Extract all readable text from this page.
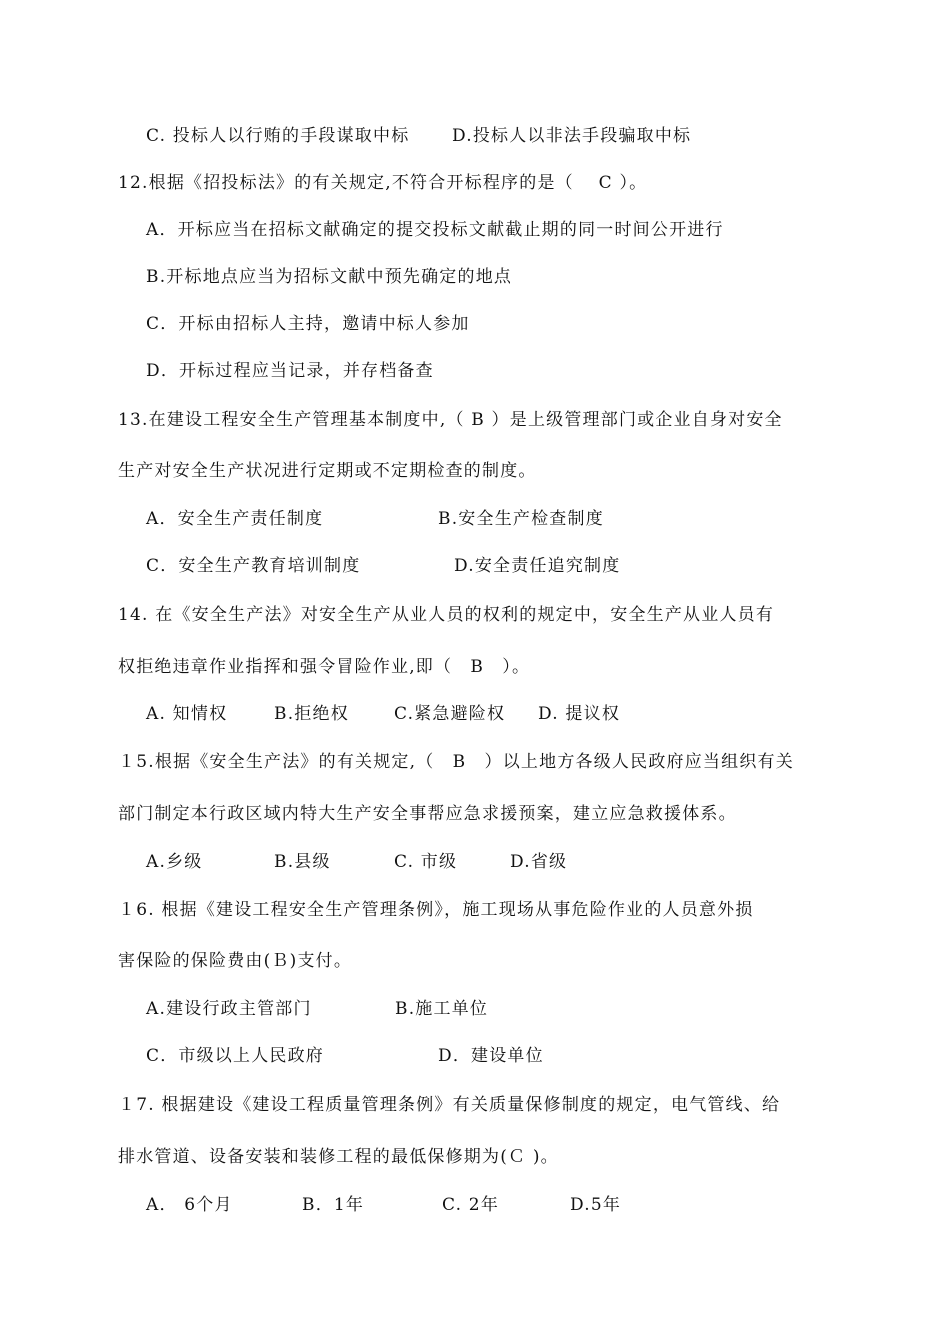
C. 投标人以行贿的手段谋取中标	D.投标人以非法手段骗取中标
12.根据《招投标法》的有关规定,不符合开标程序的是（　 C ）。
A．开标应当在招标文献确定的提交投标文献截止期的同一时间公开进行
B.开标地点应当为招标文献中预先确定的地点
C．开标由招标人主持，邀请中标人参加
D．开标过程应当记录，并存档备查
13.在建设工程安全生产管理基本制度中,（ B ）是上级管理部门或企业自身对安全
生产对安全生产状况进行定期或不定期检查的制度。
A．安全生产责任制度	B.安全生产检查制度
C．安全生产教育培训制度	D.安全责任追究制度
14. 在《安全生产法》对安全生产从业人员的权利的规定中，安全生产从业人员有
权拒绝违章作业指挥和强令冒险作业,即（　B　）。
A. 知情权	B.拒绝权	C.紧急避险权 D. 提议权
１5.根据《安全生产法》的有关规定,（　B　）以上地方各级人民政府应当组织有关
部门制定本行政区域内特大生产安全事帮应急求援预案，建立应急救援体系。
A.乡级	B.县级	C. 市级	D.省级
１6. 根据《建设工程安全生产管理条例》，施工现场从事危险作业的人员意外损
害保险的保险费由(Ｂ)支付。
A.建设行政主管部门	B.施工单位
C．市级以上人民政府	D．建设单位
１7. 根据建设《建设工程质量管理条例》有关质量保修制度的规定，电气管线、给
排水管道、设备安装和装修工程的最低保修期为(Ｃ )。
A． 6个月	B．1年	C. 2年	D.5年
